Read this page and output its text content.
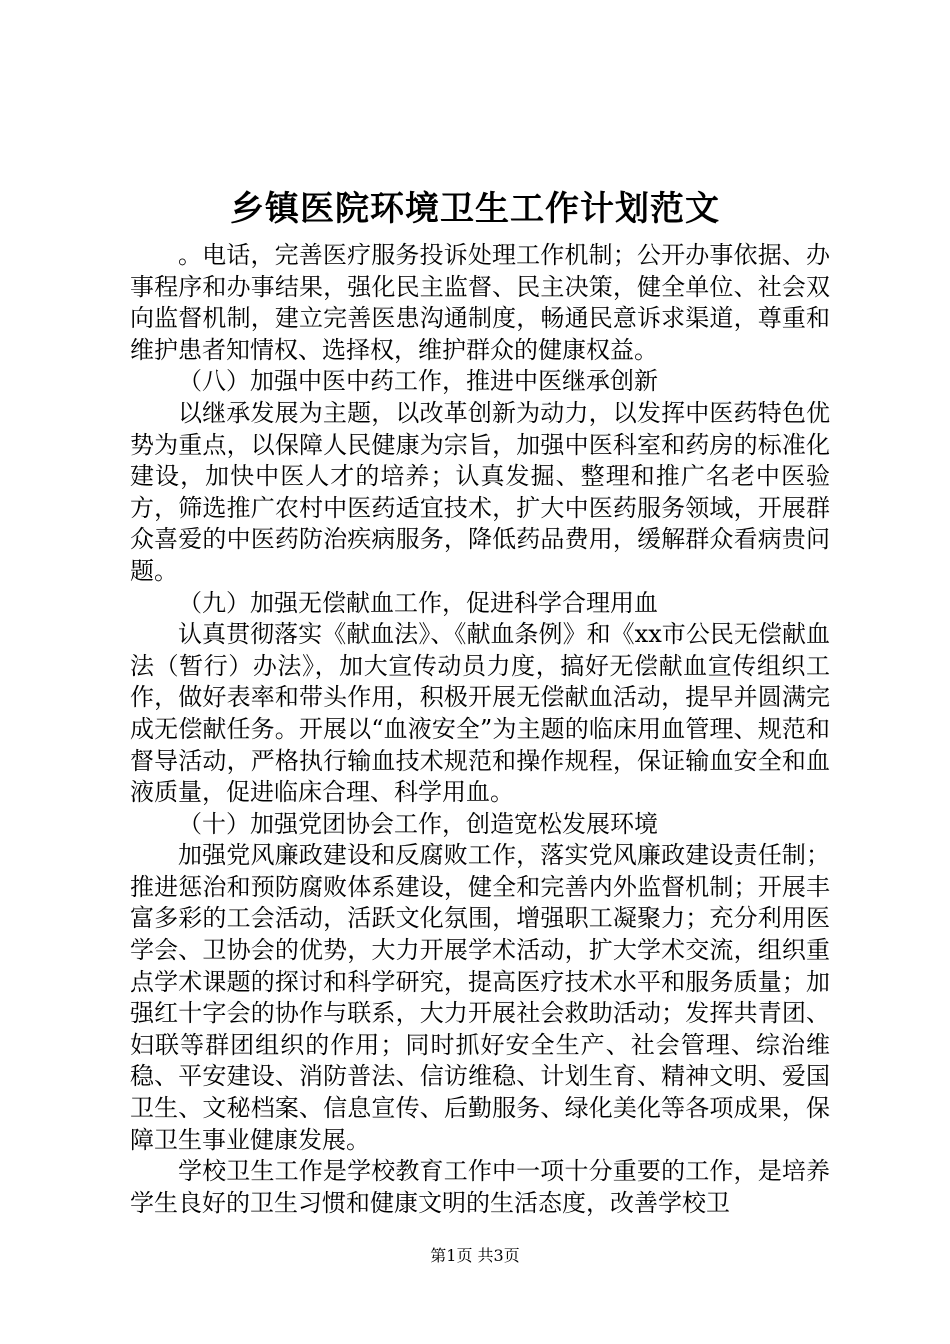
乡镇医院环境卫生工作计划范文

。电话，完善医疗服务投诉处理工作机制；公开办事依据、办事程序和办事结果，强化民主监督、民主决策，健全单位、社会双向监督机制，建立完善医患沟通制度，畅通民意诉求渠道，尊重和维护患者知情权、选择权，维护群众的健康权益。

（八）加强中医中药工作，推进中医继承创新

以继承发展为主题，以改革创新为动力，以发挥中医药特色优势为重点，以保障人民健康为宗旨，加强中医科室和药房的标准化建设，加快中医人才的培养；认真发掘、整理和推广名老中医验方，筛选推广农村中医药适宜技术，扩大中医药服务领域，开展群众喜爱的中医药防治疾病服务，降低药品费用，缓解群众看病贵问题。

（九）加强无偿献血工作，促进科学合理用血

认真贯彻落实《献血法》、《献血条例》和《xx市公民无偿献血法（暂行）办法》，加大宣传动员力度，搞好无偿献血宣传组织工作，做好表率和带头作用，积极开展无偿献血活动，提早并圆满完成无偿献任务。开展以“血液安全”为主题的临床用血管理、规范和督导活动，严格执行输血技术规范和操作规程，保证输血安全和血液质量，促进临床合理、科学用血。

（十）加强党团协会工作，创造宽松发展环境

加强党风廉政建设和反腐败工作，落实党风廉政建设责任制；推进惩治和预防腐败体系建设，健全和完善内外监督机制；开展丰富多彩的工会活动，活跃文化氛围，增强职工凝聚力；充分利用医学会、卫协会的优势，大力开展学术活动，扩大学术交流，组织重点学术课题的探讨和科学研究，提高医疗技术水平和服务质量；加强红十字会的协作与联系，大力开展社会救助活动；发挥共青团、妇联等群团组织的作用；同时抓好安全生产、社会管理、综治维稳、平安建设、消防普法、信访维稳、计划生育、精神文明、爱国卫生、文秘档案、信息宣传、后勤服务、绿化美化等各项成果，保障卫生事业健康发展。

学校卫生工作是学校教育工作中一项十分重要的工作，是培养学生良好的卫生习惯和健康文明的生活态度，改善学校卫

第1页 共3页
